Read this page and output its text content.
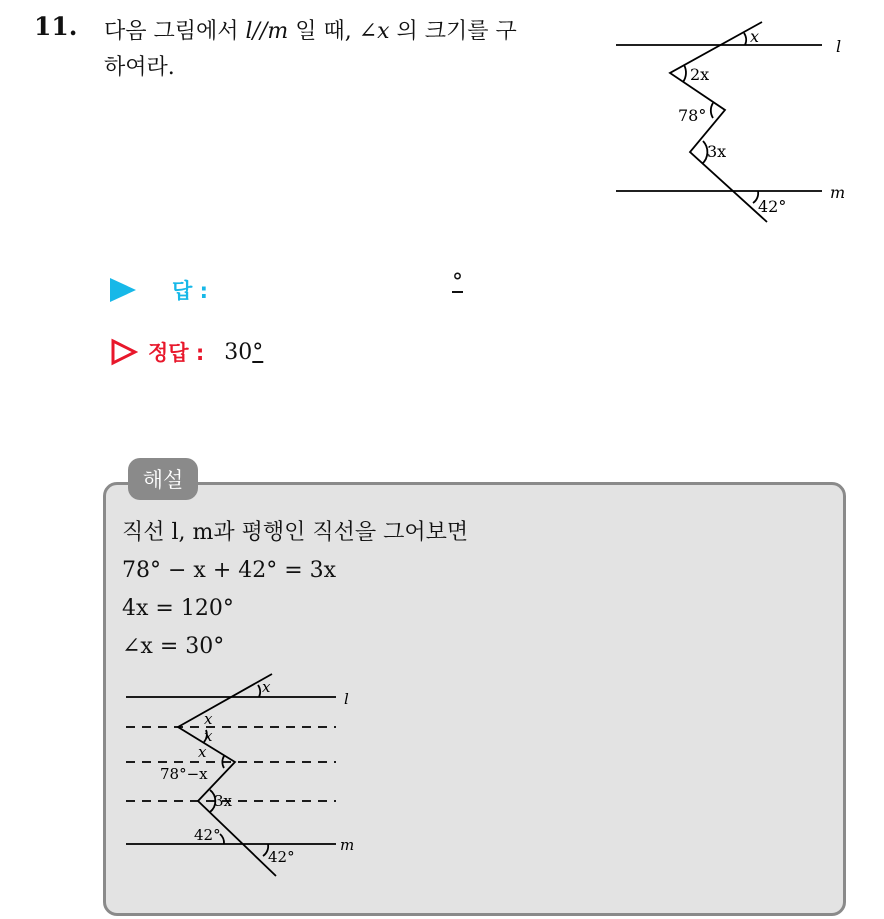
11. 다음 그림에서 l//m 일 때, ∠x 의 크기를 구
하여라.
l
m
x
2x
78°
3x
42°
답 :	°
정답 : 30°
해설
직선 l, m과 평행인 직선을 그어보면
78° − x + 42° = 3x
4x = 120°
∠x = 30°
l
m
x
x
x
x
78°−x
3x
42°
42°
